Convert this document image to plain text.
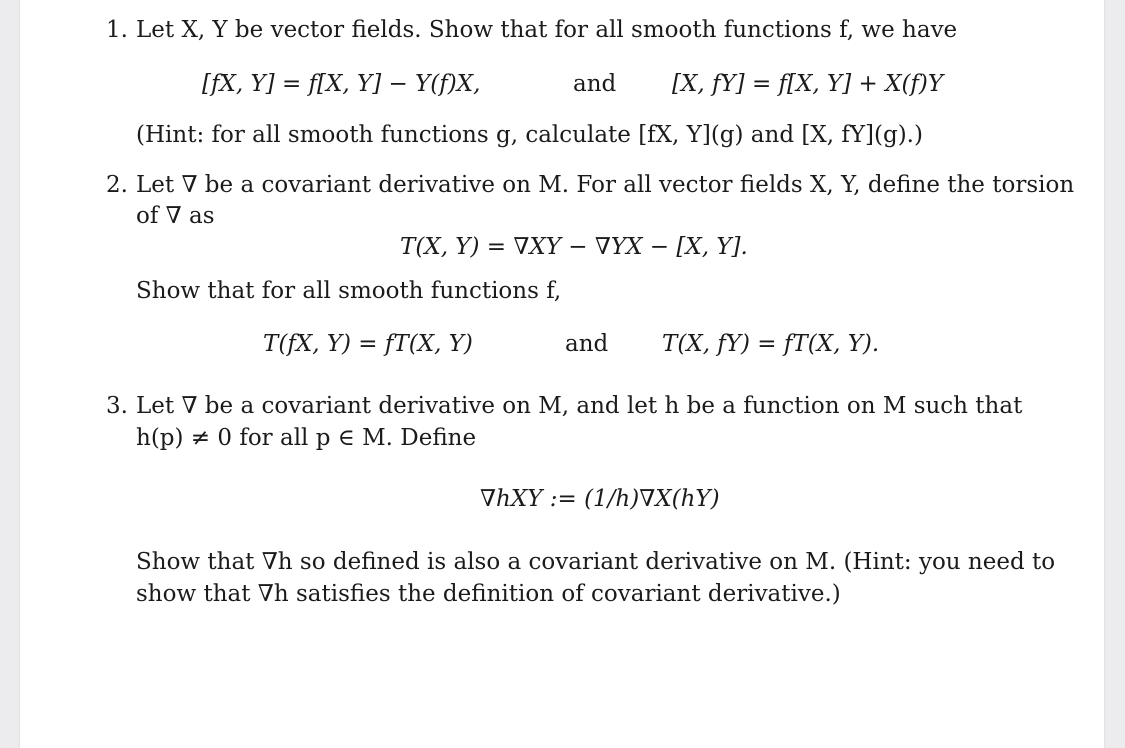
1. Let X, Y be vector fields. Show that for all smooth functions f, we have
[fX, Y] = f[X, Y] − Y(f)X,	and [X, fY] = f[X, Y] + X(f)Y
(Hint: for all smooth functions g, calculate [fX, Y](g) and [X, fY](g).)
2. Let ∇ be a covariant derivative on M. For all vector fields X, Y, define the torsion
of ∇ as
T(X, Y) = ∇XY − ∇YX − [X, Y].
Show that for all smooth functions f,
T(fX, Y) = fT(X, Y)	and T(X, fY) = fT(X, Y).
3. Let ∇ be a covariant derivative on M, and let h be a function on M such that
h(p) ≠ 0 for all p ∈ M. Define
∇hXY := (1/h)∇X(hY)
Show that ∇h so defined is also a covariant derivative on M. (Hint: you need to
show that ∇h satisfies the definition of covariant derivative.)
